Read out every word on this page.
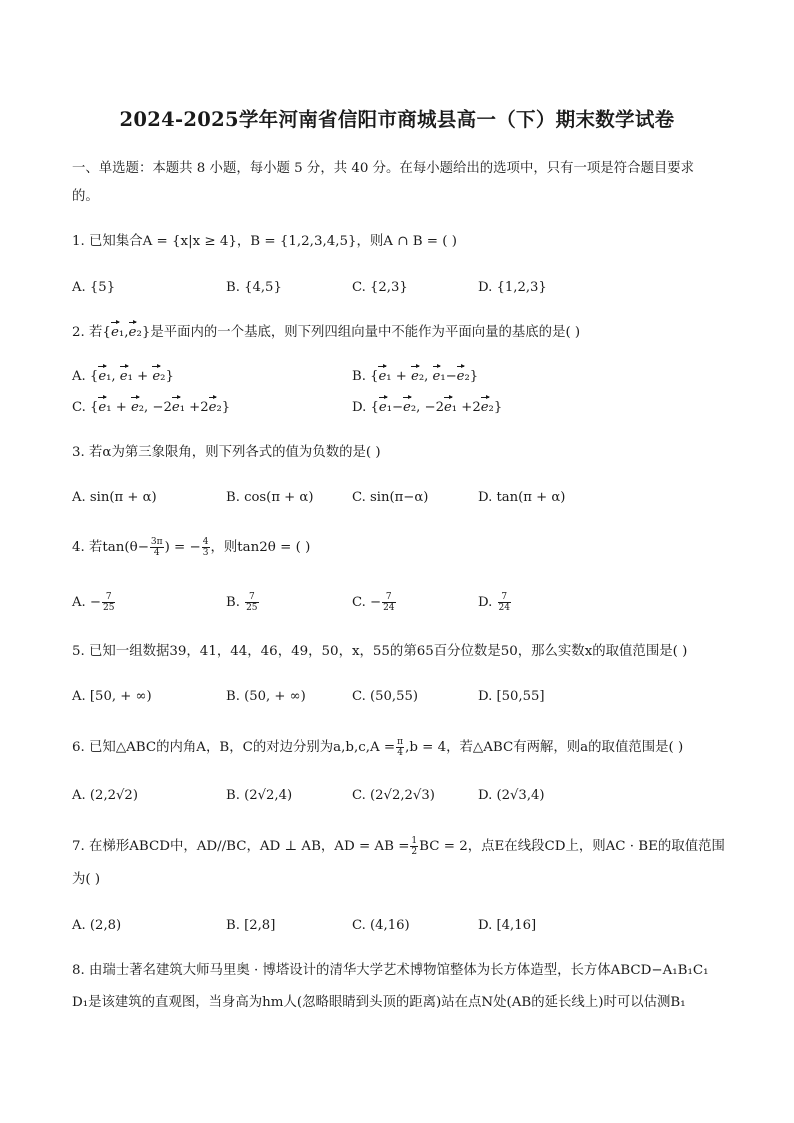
2024-2025学年河南省信阳市商城县高一（下）期末数学试卷
一、单选题：本题共 8 小题，每小题 5 分，共 40 分。在每小题给出的选项中，只有一项是符合题目要求
的。
1. 已知集合A = {x|x ≥ 4}，B = {1,2,3,4,5}，则A ∩ B = ( )
A. {5}	B. {4,5}	C. {2,3}	D. {1,2,3}
2. 若{e₁,e₂}是平面内的一个基底，则下列四组向量中不能作为平面向量的基底的是( )
A. {e₁, e₁ + e₂}	B. {e₁ + e₂, e₁−e₂}
C. {e₁ + e₂, −2e₁ +2e₂}	D. {e₁−e₂, −2e₁ +2e₂}
3. 若α为第三象限角，则下列各式的值为负数的是( )
A. sin(π + α)	B. cos(π + α)	C. sin(π−α)	D. tan(π + α)
4. 若$\tan(\theta- \frac{3\pi}{4}$ ) = − $\frac{4}{3}$ ，则tan2θ = ( )
A. − $\frac{7}{25}$	B. $\frac{7}{25}$	C. − $\frac{7}{24}$	D. $\frac{7}{24}$
5. 已知一组数据39，41，44，46，49，50，x，55的第65百分位数是50，那么实数x的取值范围是( )
A. [50, + ∞)	B. (50, + ∞)	C. (50,55)	D. [50,55]
6. 已知△ABC的内角A，B，C的对边分别为$a,b,c,A = \frac{\pi}{4} ,b = 4$，若△ABC有两解，则a的取值范围是( )
A. (2,2√2)	B. (2√2,4)	C. (2√2,2√3)	D. (2√3,4)
7. 在梯形ABCD中，AD//BC，AD ⊥ AB，AD = AB = $\frac{1}{2}$ BC = 2，点E在线段CD上，则AC · BE的取值范围
为( )
A. (2,8)	B. [2,8]	C. (4,16)	D. [4,16]
8. 由瑞士著名建筑大师马里奥 · 博塔设计的清华大学艺术博物馆整体为长方体造型，长方体ABCD−A₁B₁C₁
D₁是该建筑的直观图，当身高为hm人(忽略眼睛到头顶的距离)站在点N处(AB的延长线上)时可以估测B₁
